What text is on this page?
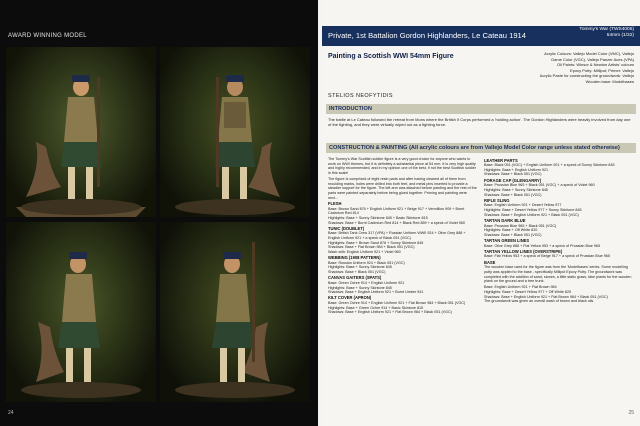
AWARD WINNING MODEL
24
Private, 1st Battalion Gordon Highlanders, Le Cateau 1914
Tommy's War (TWS4005)
54mm (1/32)
Painting a Scottish WWI 54mm Figure	Acrylic Colours: Vallejo Model Color (VMC), Vallejo
Game Color (VGC), Vallejo Panzer Aces (VPA)
Oil Paints: Winsor & Newton Artists' colours
Epoxy Putty: Milliput; Primer: Vallejo
Acrylic Paste for constructing the groundwork: Vallejo
Wooden base: Modelbases
STELIOS NEOFYTIDIS
INTRODUCTION
The battle at Le Cateau followed the retreat from Mons where the British II Corps performed a 'holding action'. The Gordon Highlanders were heavily involved from day one of the fighting, and they were virtually wiped out as a fighting force.
CONSTRUCTION & PAINTING (All acrylic colours are from Vallejo Model Color range unless stated otherwise)

The Tommy's War Scottish soldier figure is a very good choice for anyone who wants to work on WWI themes, but it is definitely a substantial piece at 54 mm. It is very high quality and highly recommended, and in my opinion one of the best, if not the best Scottish soldier in this scale!

The figure is comprised of eight resin parts and after having cleaned all of them from moulding marks, holes were drilled into both feet, and metal pins inserted to provide a steadier support for the figure. The left arm was attached before painting and the rest of the parts were painted separately before being glued together. Priming and painting were next...

FLESH
Base: Brown Sand 876 + English Uniform 921 + Beige 917 + Vermillion 909 + Burnt Cadmium Red 814
Highlights: Base + Sunny Skintone 845 + Basic Skintone 815
Shadows: Base + Burnt Cadmium Red 814 + Black Red 859 + a speck of Violet 960
TUNIC (DOUBLET)
Base: British Tank Crew 317 (VPA) + Russian Uniform WWII 924 + Olive Grey 888 + English Uniform 921 + a speck of Black 051 (VGC)
Highlights: Base + Brown Sand 876 + Sunny Skintone 845
Shadows: Base + Flat Brown 984 + Black 051 (VGC)
Wash with: English Uniform 921 + Violet 960
WEBBING (1908 PATTERN)
Base: Russian Uniform 924 + Black 051 (VGC)
Highlights: Base + Sunny Skintone 845
Shadows: Base + Black 051 (VGC)
CANVAS GAITERS (SPATS)
Base: Green Ochre 914 + English Uniform 921
Highlights: Base + Sunny Skintone 845
Shadows: Base + English Uniform 921 + Burnt Umber 941
KILT COVER (APRON)
Base: Green Ochre 914 + English Uniform 921 + Flat Brown 984 + Black 051 (VGC)
Highlights: Base + Green Ochre 914 + Basic Skintone 815
Shadows: Base + English Uniform 921 + Flat Brown 984 + Black 051 (VGC)
LEATHER PARTS
Base: Black 051 (VGC) + English Uniform 921 + a speck of Sunny Skintone 845
Highlights: Base + English Uniform 921
Shadows: Base + Black 051 (VGC)
FORAGE CAP (GLENGARRY)
Base: Prussian Blue 965 + Black 051 (VGC) + a speck of Violet 960
Highlights: Base + Sunny Skintone 845
Shadows: Base + Black 051 (VGC)
RIFLE SLING
Base: English Uniform 921 + Desert Yellow 977
Highlights: Base + Desert Yellow 977 + Sunny Skintone 845
Shadows: Base + English Uniform 921 + Black 051 (VGC)
TARTAN DARK BLUE
Base: Prussian Blue 965 + Black 051 (VGC)
Highlights: Base + Off White 820
Shadows: Base + Black 051 (VGC)
TARTAN GREEN LINES
Base: Olive Grey 888 + Flat Yellow 953 + a speck of Prussian Blue 965
TARTAN YELLOW LINES (OVERSTRIPE)
Base: Flat Yellow 953 + a speck of Beige 917 + a speck of Prussian Blue 965
BASE

The wooden base used for the figure was from the 'Modelbases' series. Some modelling putty was applied to the base - specifically Milliput Epoxy Putty. The groundwork was completed with the addition of sand, stones, a little static grass, fake plants for the wooden plank on the ground and a tree trunk.

Base: English Uniform 921 + Flat Brown 984
Highlights: Base + Desert Yellow 977 + Off White 820
Shadows: Base + English Uniform 921 + Flat Brown 984 + Black 051 (VGC)

The groundwork was given an overall wash of brown and black oils.

25
